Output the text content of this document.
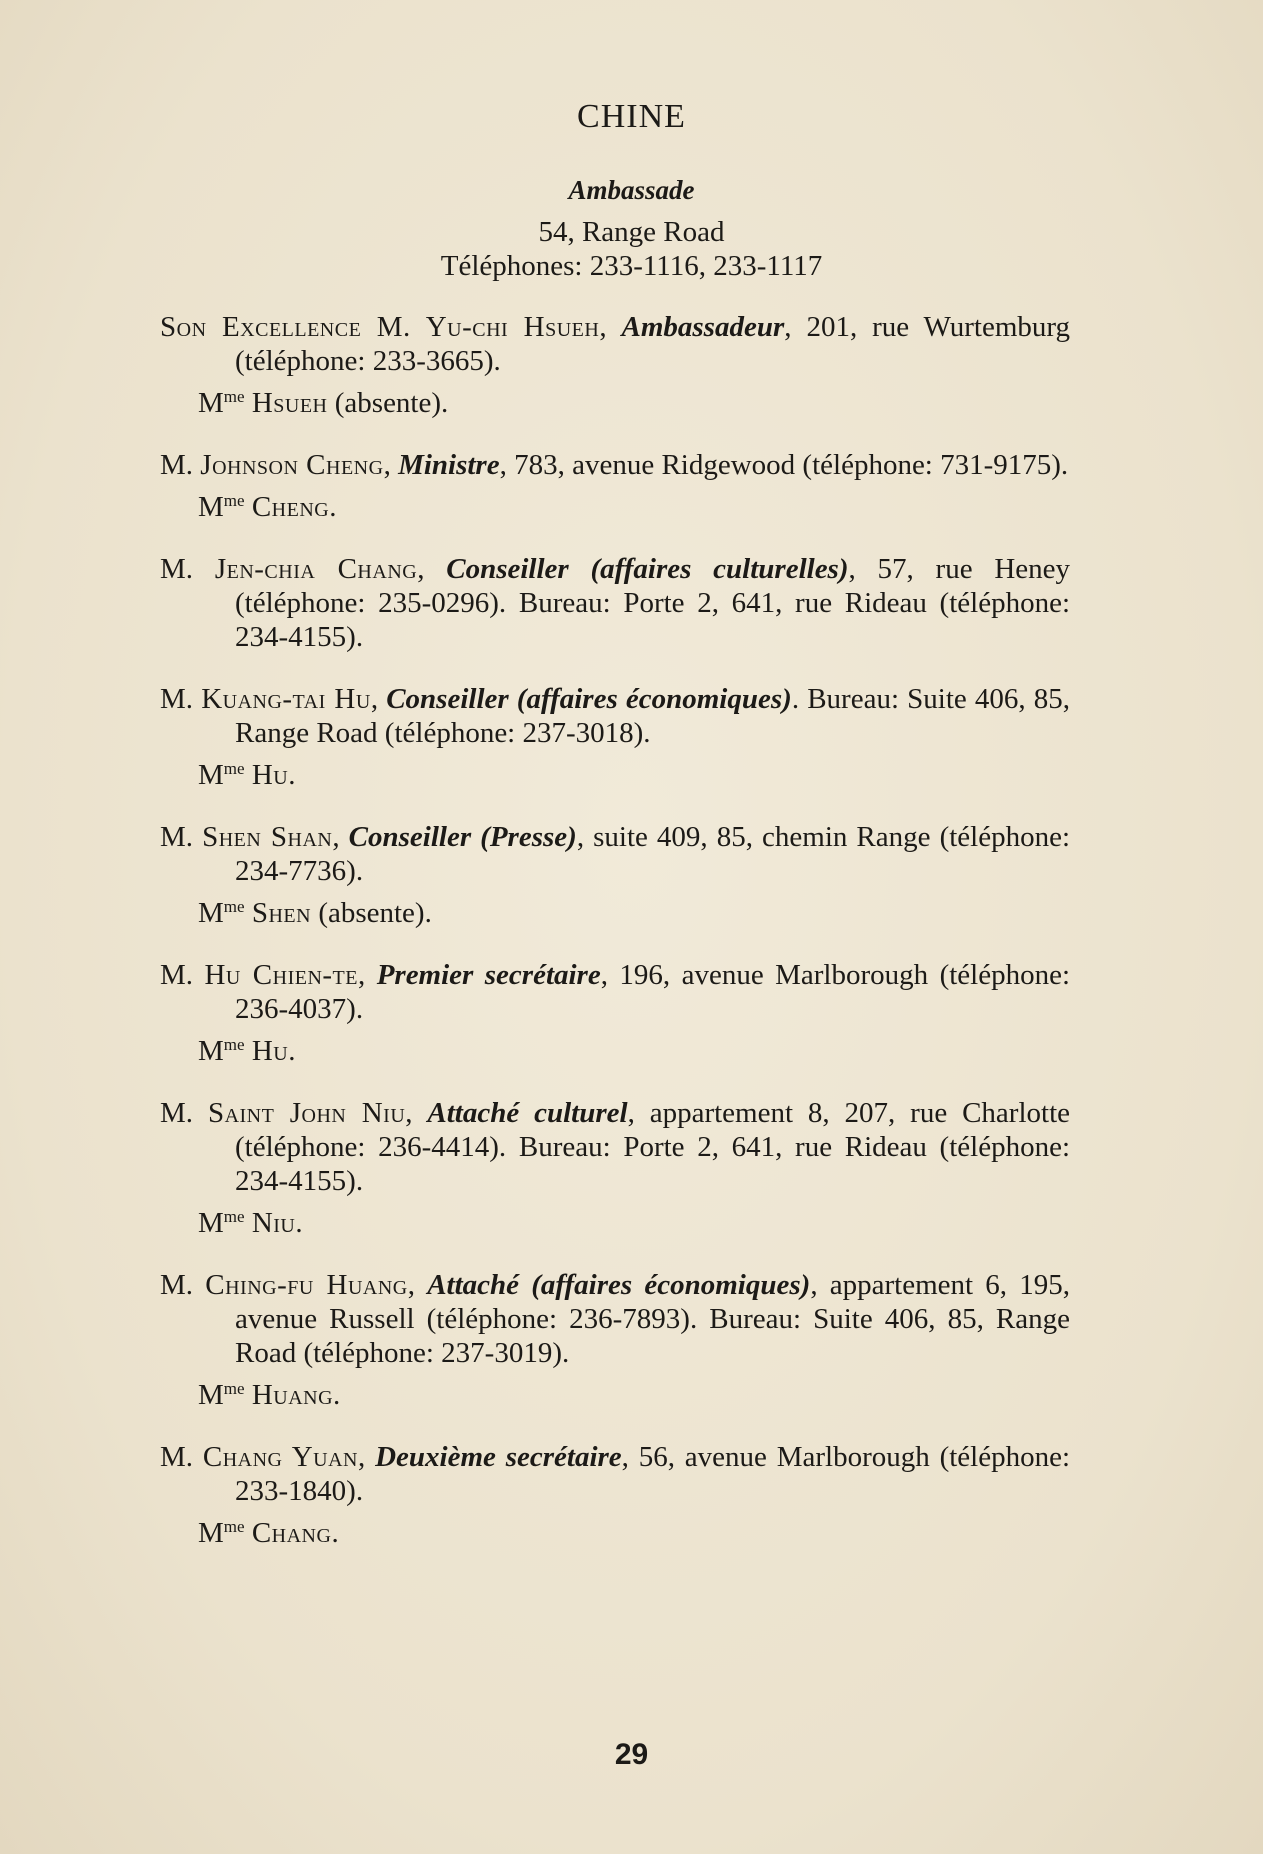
CHINE
Ambassade
54, Range Road
Téléphones: 233-1116, 233-1117

Son Excellence M. Yu-chi Hsueh, Ambassadeur, 201, rue Wurtemburg (téléphone: 233-3665).

$M^{me}$ Hsueh (absente).

M. Johnson Cheng, Ministre, 783, avenue Ridgewood (téléphone: 731-9175).

$M^{me}$ Cheng.

M. Jen-chia Chang, Conseiller (affaires culturelles), 57, rue Heney (téléphone: 235-0296). Bureau: Porte 2, 641, rue Rideau (téléphone: 234-4155).

M. Kuang-tai Hu, Conseiller (affaires économiques). Bureau: Suite 406, 85, Range Road (téléphone: 237-3018).

$M^{me}$ Hu.

M. Shen Shan, Conseiller (Presse), suite 409, 85, chemin Range (téléphone: 234-7736).

$M^{me}$ Shen (absente).

M. Hu Chien-te, Premier secrétaire, 196, avenue Marlborough (téléphone: 236-4037).

$M^{me}$ Hu.

M. Saint John Niu, Attaché culturel, appartement 8, 207, rue Charlotte (téléphone: 236-4414). Bureau: Porte 2, 641, rue Rideau (téléphone: 234-4155).

$M^{me}$ Niu.

M. Ching-fu Huang, Attaché (affaires économiques), appartement 6, 195, avenue Russell (téléphone: 236-7893). Bureau: Suite 406, 85, Range Road (téléphone: 237-3019).

$M^{me}$ Huang.

M. Chang Yuan, Deuxième secrétaire, 56, avenue Marlborough (téléphone: 233-1840).

$M^{me}$ Chang.

29
